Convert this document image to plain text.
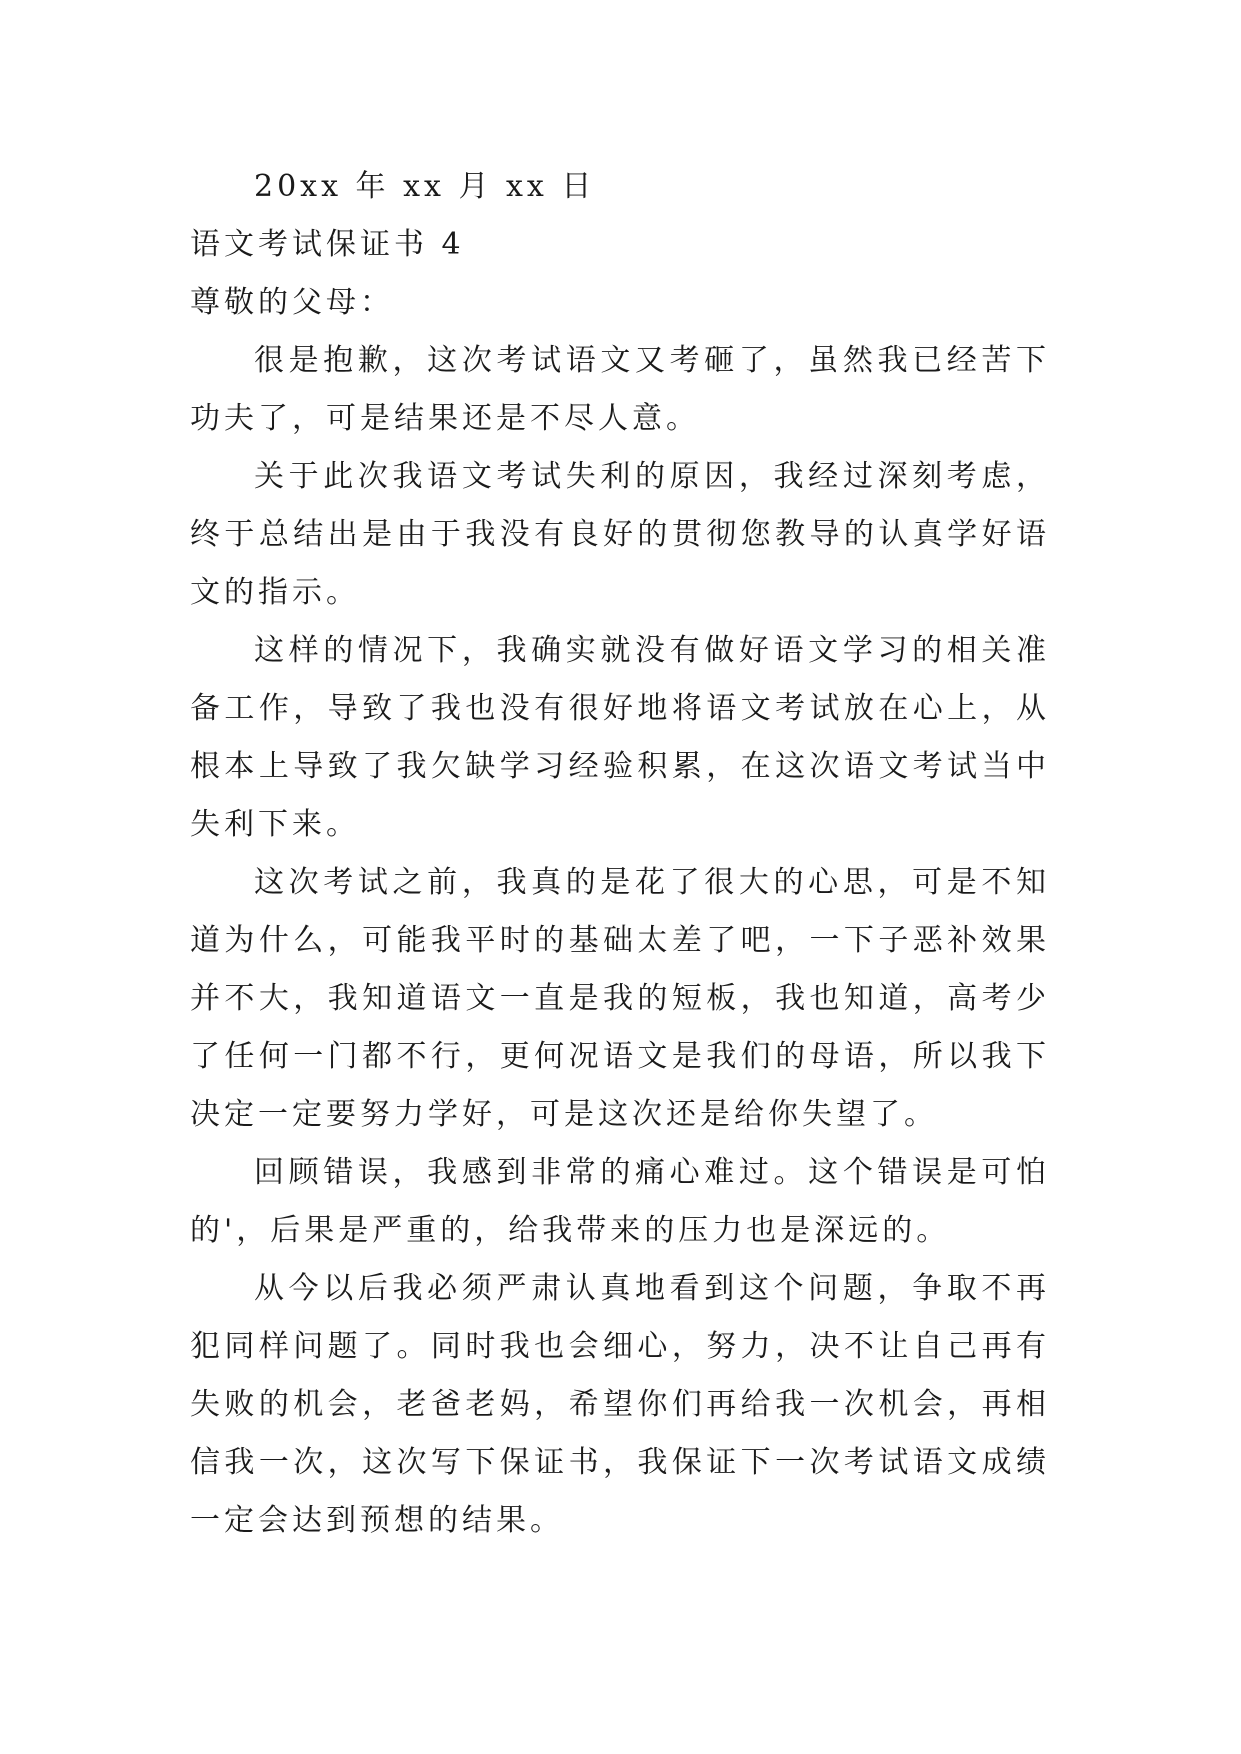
20xx 年 xx 月 xx 日

语文考试保证书 4

尊敬的父母：

很是抱歉，这次考试语文又考砸了，虽然我已经苦下功夫了，可是结果还是不尽人意。

关于此次我语文考试失利的原因，我经过深刻考虑，终于总结出是由于我没有良好的贯彻您教导的认真学好语文的指示。

这样的情况下，我确实就没有做好语文学习的相关准备工作，导致了我也没有很好地将语文考试放在心上，从根本上导致了我欠缺学习经验积累，在这次语文考试当中失利下来。

这次考试之前，我真的是花了很大的心思，可是不知道为什么，可能我平时的基础太差了吧，一下子恶补效果并不大，我知道语文一直是我的短板，我也知道，高考少了任何一门都不行，更何况语文是我们的母语，所以我下决定一定要努力学好，可是这次还是给你失望了。

回顾错误，我感到非常的痛心难过。这个错误是可怕的'，后果是严重的，给我带来的压力也是深远的。

从今以后我必须严肃认真地看到这个问题，争取不再犯同样问题了。同时我也会细心，努力，决不让自己再有失败的机会，老爸老妈，希望你们再给我一次机会，再相信我一次，这次写下保证书，我保证下一次考试语文成绩一定会达到预想的结果。
